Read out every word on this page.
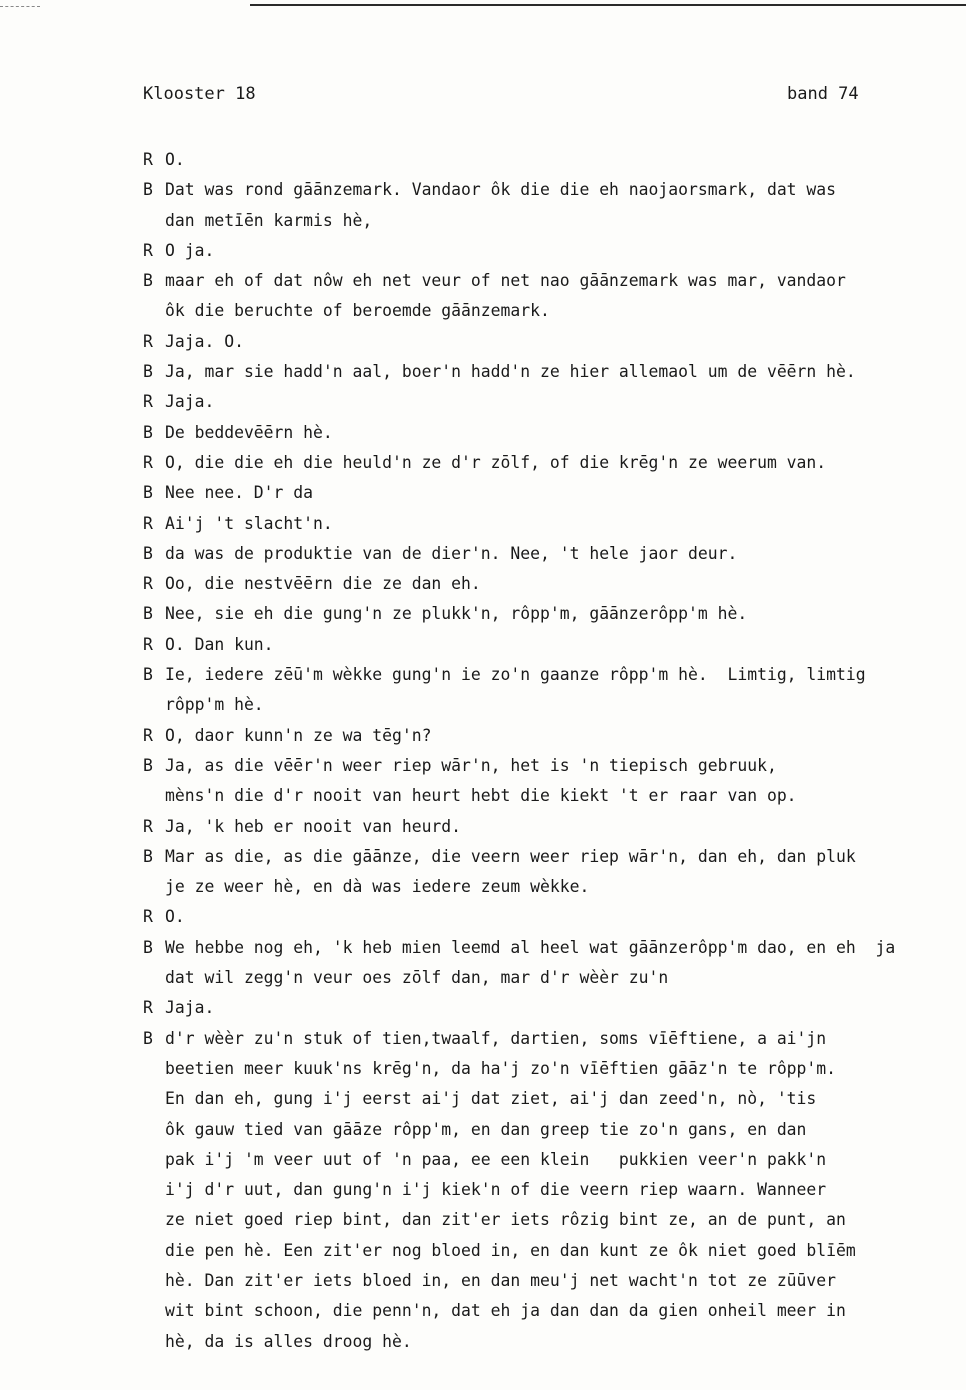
Klooster 18	band 74
R O.
B Dat was rond gāānzemark. Vandaor ôk die die eh naojaorsmark, dat was
dan metīēn karmis hè,
R O ja.
B maar eh of dat nôw eh net veur of net nao gāānzemark was mar, vandaor
ôk die beruchte of beroemde gāānzemark.
R Jaja. O.
B Ja, mar sie hadd'n aal, boer'n hadd'n ze hier allemaol um de vēērn hè.
R Jaja.
B De beddevēērn hè.
R O, die die eh die heuld'n ze d'r zōlf, of die krēg'n ze weerum van.
B Nee nee. D'r da
R Ai'j 't slacht'n.
B da was de produktie van de dier'n. Nee, 't hele jaor deur.
R Oo, die nestvēērn die ze dan eh.
B Nee, sie eh die gung'n ze plukk'n, rôpp'm, gāānzerôpp'm hè.
R O. Dan kun.
B Ie, iedere zēū'm wèkke gung'n ie zo'n gaanze rôpp'm hè.  Limtig, limtig
rôpp'm hè.
R O, daor kunn'n ze wa tēg'n?
B Ja, as die vēēr'n weer riep wār'n, het is 'n tiepisch gebruuk,
mèns'n die d'r nooit van heurt hebt die kiekt 't er raar van op.
R Ja, 'k heb er nooit van heurd.
B Mar as die, as die gāānze, die veern weer riep wār'n, dan eh, dan pluk
je ze weer hè, en dà was iedere zeum wèkke.
R O.
B We hebbe nog eh, 'k heb mien leemd al heel wat gāānzerôpp'm dao, en eh  ja
dat wil zegg'n veur oes zōlf dan, mar d'r wèèr zu'n
R Jaja.
B d'r wèèr zu'n stuk of tien,twaalf, dartien, soms vīēftiene, a ai'jn
beetien meer kuuk'ns krēg'n, da ha'j zo'n vīēftien gāāz'n te rôpp'm.
En dan eh, gung i'j eerst ai'j dat ziet, ai'j dan zeed'n, nò, 'tis
ôk gauw tied van gāāze rôpp'm, en dan greep tie zo'n gans, en dan
pak i'j 'm veer uut of 'n paa, ee een klein   pukkien veer'n pakk'n
i'j d'r uut, dan gung'n i'j kiek'n of die veern riep waarn. Wanneer
ze niet goed riep bint, dan zit'er iets rôzig bint ze, an de punt, an
die pen hè. Een zit'er nog bloed in, en dan kunt ze ôk niet goed blīēm
hè. Dan zit'er iets bloed in, en dan meu'j net wacht'n tot ze zūūver
wit bint schoon, die penn'n, dat eh ja dan dan da gien onheil meer in
hè, da is alles droog hè.
